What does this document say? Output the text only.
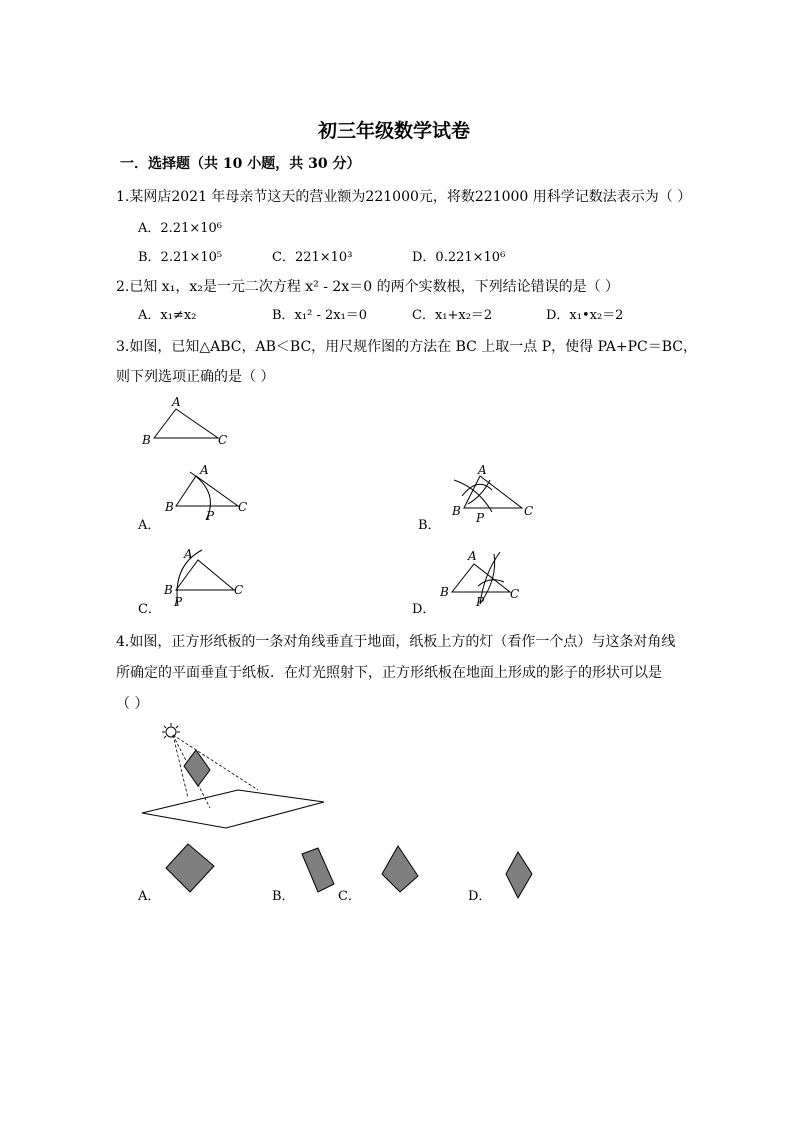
初三年级数学试卷
一．选择题（共 10 小题，共 30 分）
1.某网店2021 年母亲节这天的营业额为221000元，将数221000 用科学记数法表示为（ ）
A．2.21×10⁶
B．2.21×10⁵	C．221×10³	D．0.221×10⁶
2.已知 x₁，x₂是一元二次方程 x² - 2x＝0 的两个实数根，下列结论错误的是（ ）
A．x₁≠x₂	B．x₁² - 2x₁＝0	C．x₁+x₂＝2	D．x₁•x₂＝2
3.如图，已知△ABC，AB＜BC，用尺规作图的方法在 BC 上取一点 P，使得 PA+PC＝BC，
则下列选项正确的是（ ）
A
B	C
A
B	C
P
A．
A
B	C
P
B．
A
B	C
P
C．
A
B	C
P
D．
4.如图，正方形纸板的一条对角线垂直于地面，纸板上方的灯（看作一个点）与这条对角线
所确定的平面垂直于纸板．在灯光照射下，正方形纸板在地面上形成的影子的形状可以是
（ ）
A．	B．	C．	D．
